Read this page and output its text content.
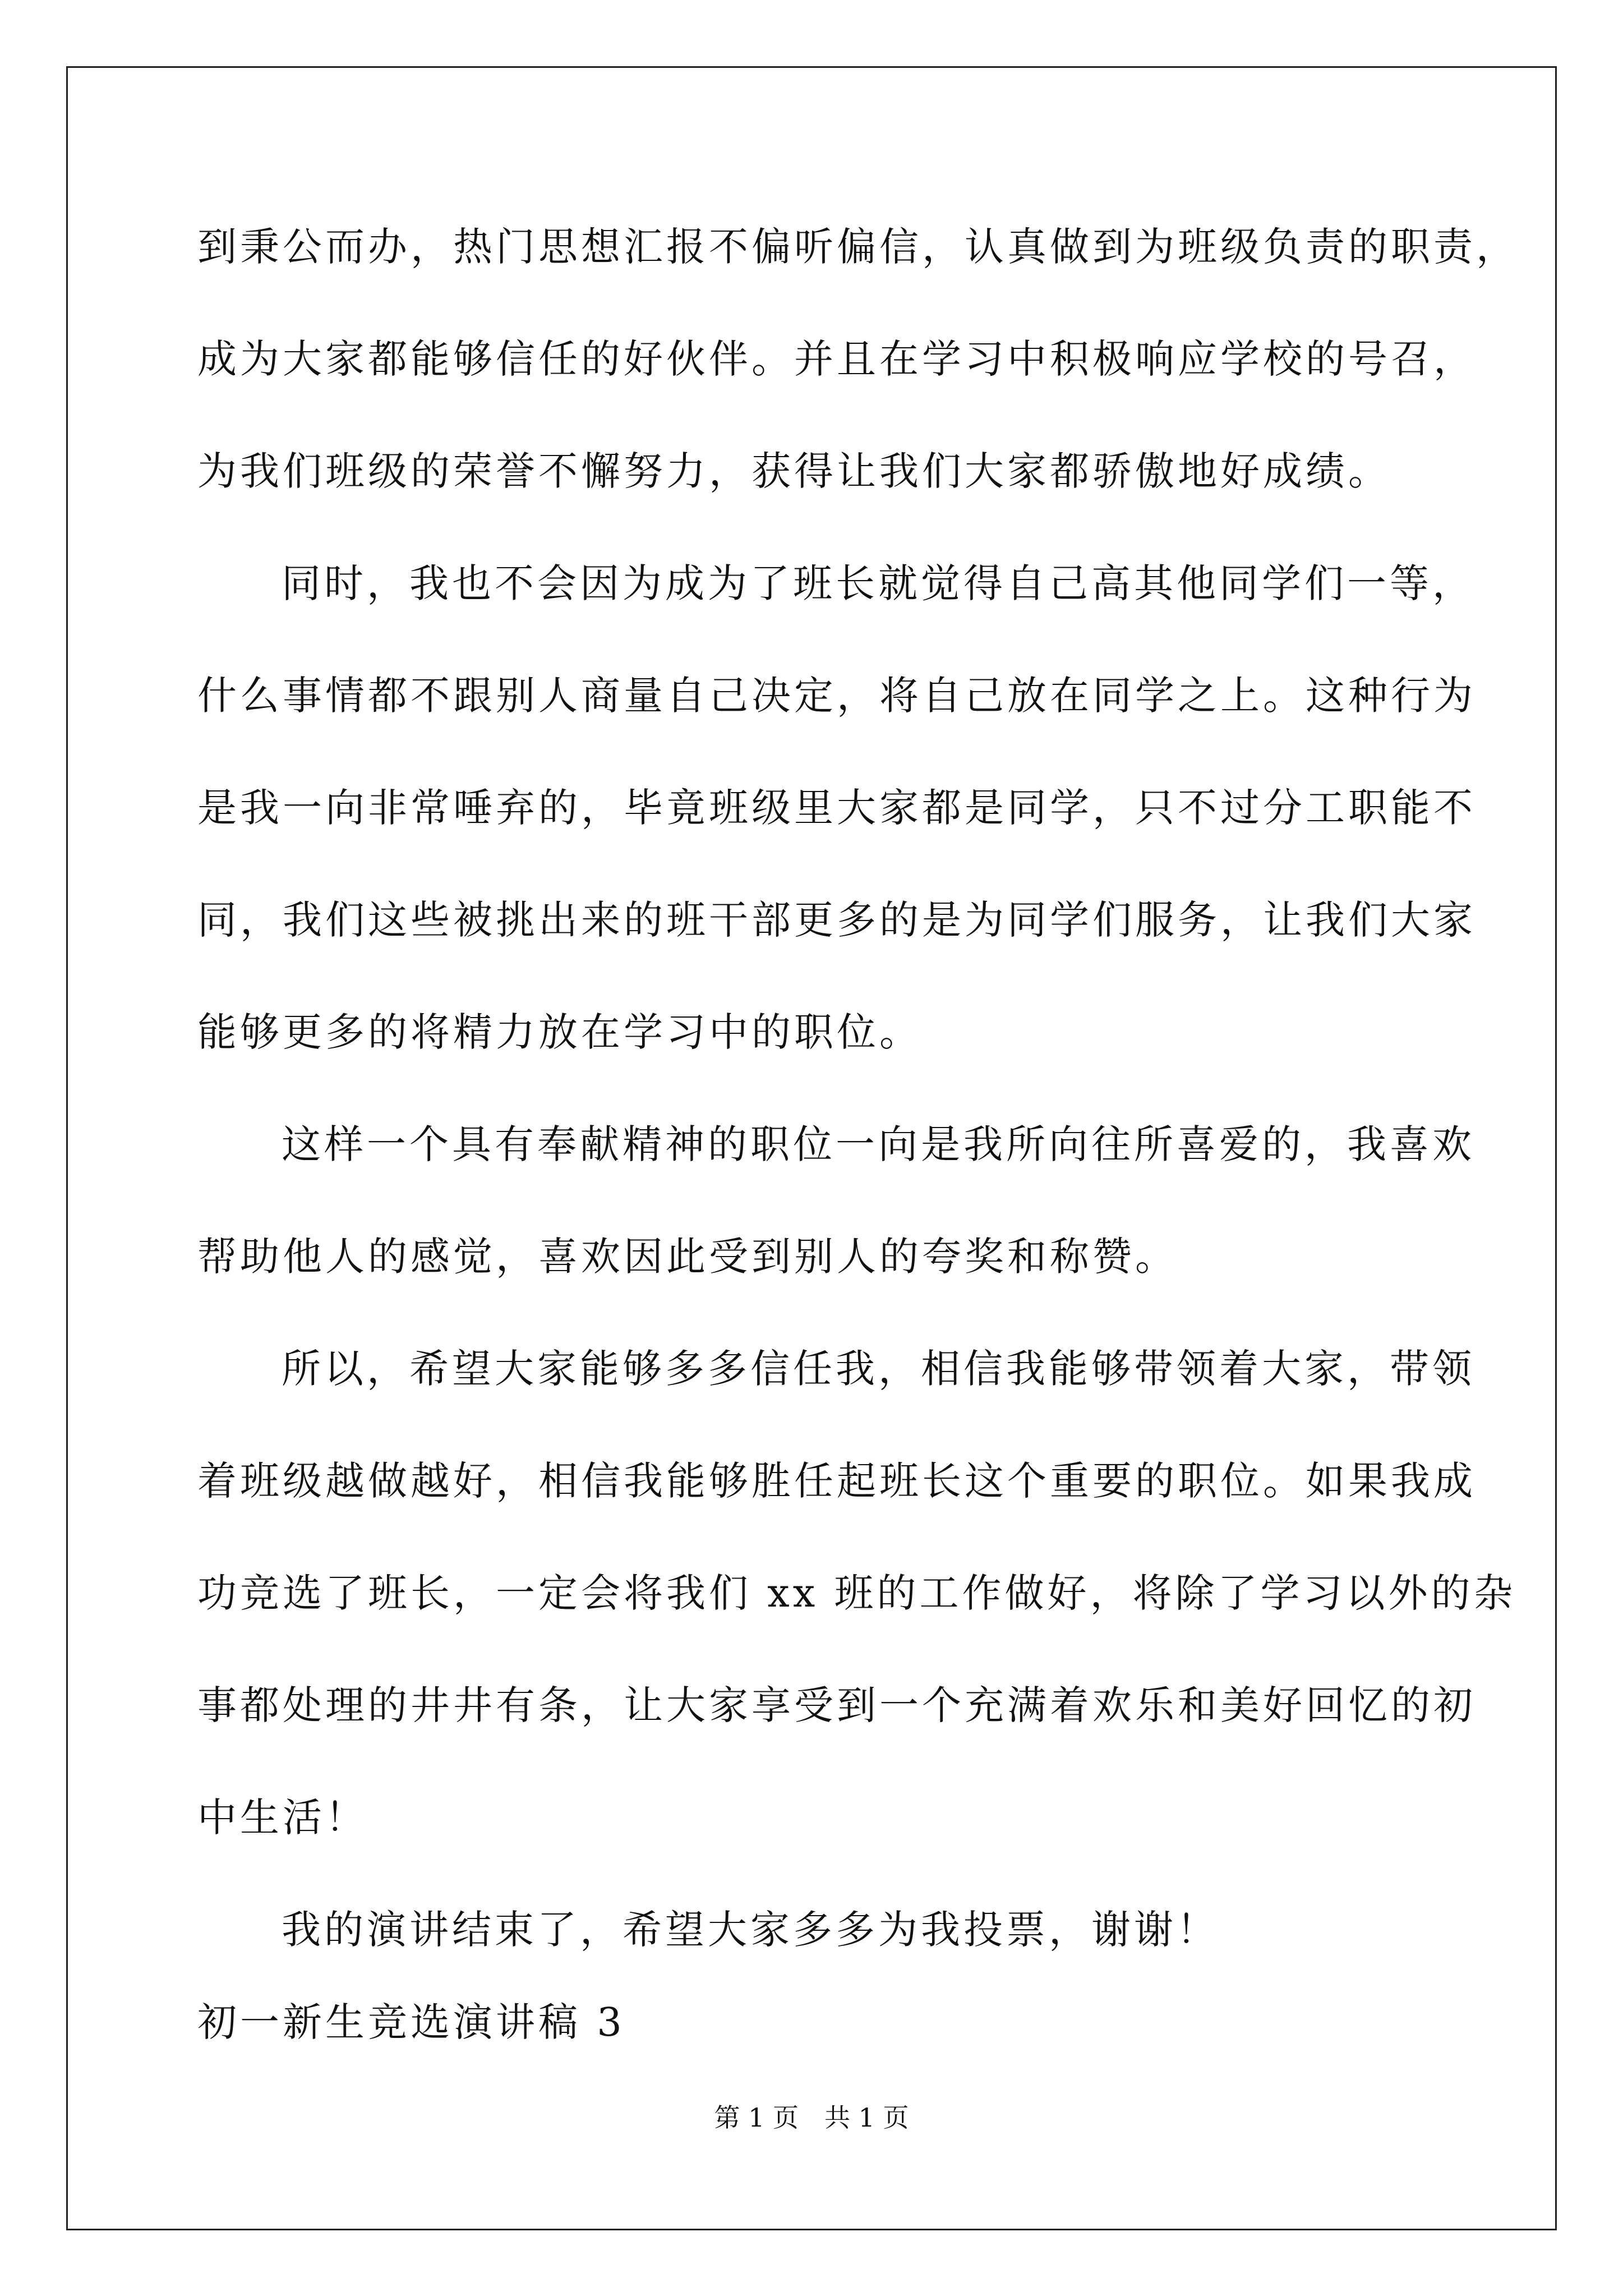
到秉公而办，热门思想汇报不偏听偏信，认真做到为班级负责的职责，
成为大家都能够信任的好伙伴。并且在学习中积极响应学校的号召，
为我们班级的荣誉不懈努力，获得让我们大家都骄傲地好成绩。
同时，我也不会因为成为了班长就觉得自己高其他同学们一等，
什么事情都不跟别人商量自己决定，将自己放在同学之上。这种行为
是我一向非常唾弃的，毕竟班级里大家都是同学，只不过分工职能不
同，我们这些被挑出来的班干部更多的是为同学们服务，让我们大家
能够更多的将精力放在学习中的职位。
这样一个具有奉献精神的职位一向是我所向往所喜爱的，我喜欢
帮助他人的感觉，喜欢因此受到别人的夸奖和称赞。
所以，希望大家能够多多信任我，相信我能够带领着大家，带领
着班级越做越好，相信我能够胜任起班长这个重要的职位。如果我成
功竞选了班长，一定会将我们 xx 班的工作做好，将除了学习以外的杂
事都处理的井井有条，让大家享受到一个充满着欢乐和美好回忆的初
中生活！
我的演讲结束了，希望大家多多为我投票，谢谢！
初一新生竞选演讲稿 3
第 1 页　共 1 页
